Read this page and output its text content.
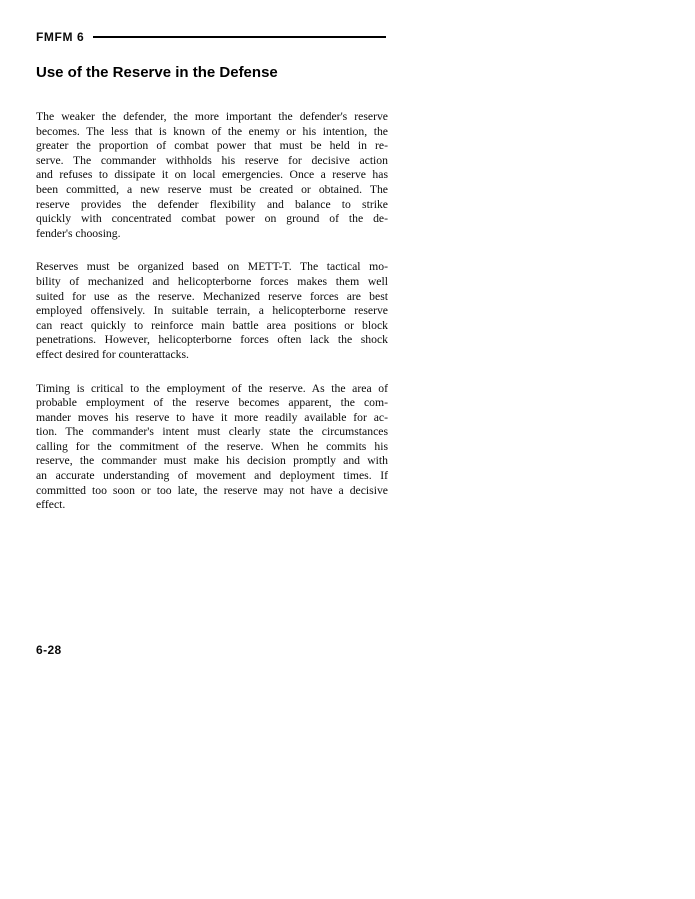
FMFM 6
Use of the Reserve in the Defense
The weaker the defender, the more important the defender's reserve
becomes. The less that is known of the enemy or his intention, the
greater the proportion of combat power that must be held in re-
serve. The commander withholds his reserve for decisive action
and refuses to dissipate it on local emergencies. Once a reserve has
been committed, a new reserve must be created or obtained. The
reserve provides the defender flexibility and balance to strike
quickly with concentrated combat power on ground of the de-
fender's choosing.
Reserves must be organized based on METT-T. The tactical mo-
bility of mechanized and helicopterborne forces makes them well
suited for use as the reserve. Mechanized reserve forces are best
employed offensively. In suitable terrain, a helicopterborne reserve
can react quickly to reinforce main battle area positions or block
penetrations. However, helicopterborne forces often lack the shock
effect desired for counterattacks.
Timing is critical to the employment of the reserve. As the area of
probable employment of the reserve becomes apparent, the com-
mander moves his reserve to have it more readily available for ac-
tion. The commander's intent must clearly state the circumstances
calling for the commitment of the reserve. When he commits his
reserve, the commander must make his decision promptly and with
an accurate understanding of movement and deployment times. If
committed too soon or too late, the reserve may not have a decisive
effect.
6-28
